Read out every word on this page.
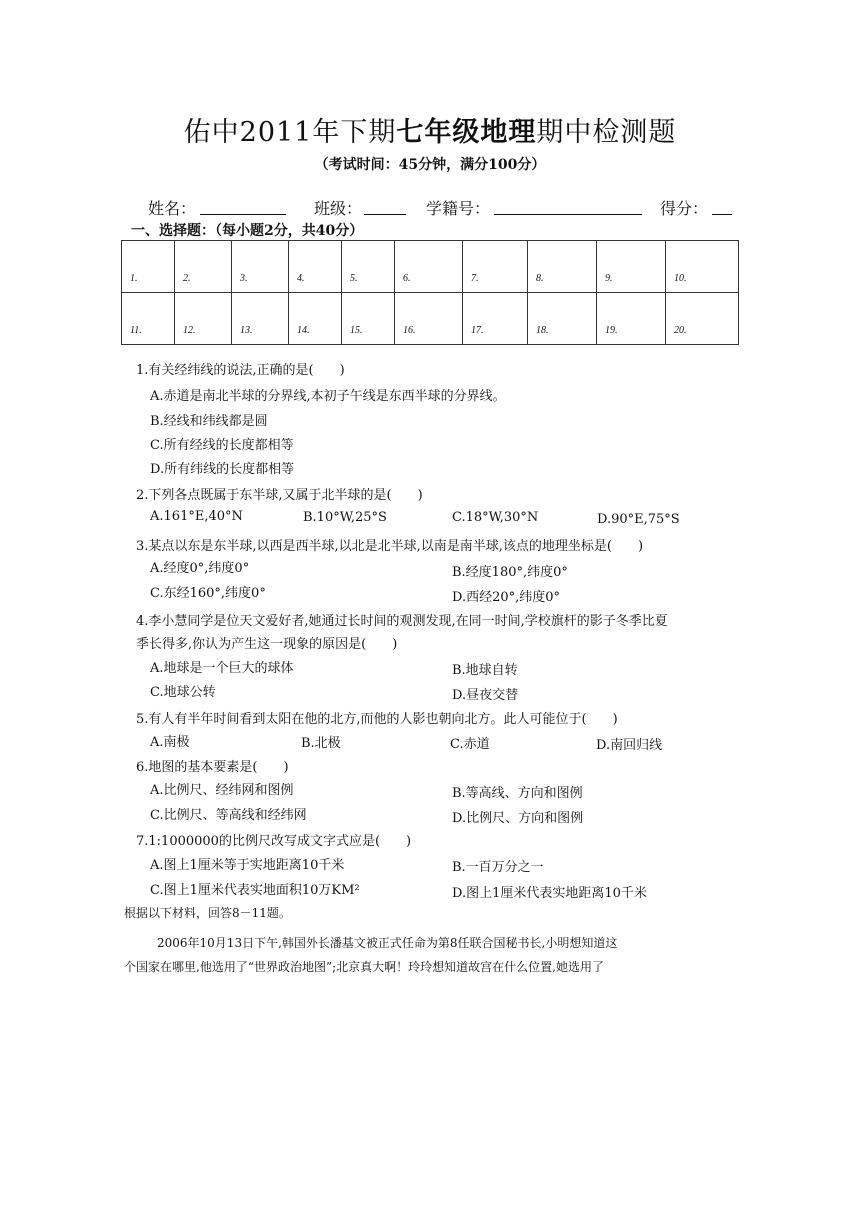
佑中2011年下期七年级地理期中检测题
（考试时间：45分钟，满分100分）
姓名：	班级：	学籍号：	得分：
一、选择题：（每小题2分，共40分）
1.	2.	3.	4.	5.	6.	7.	8.	9.	10.
11.	12.	13.	14.	15.	16.	17.	18.	19.	20.
1.有关经纬线的说法,正确的是(　　)
A.赤道是南北半球的分界线,本初子午线是东西半球的分界线。
B.经线和纬线都是圆
C.所有经线的长度都相等
D.所有纬线的长度都相等
2.下列各点既属于东半球,又属于北半球的是(　　)
A.161°E,40°N	B.10°W,25°S	C.18°W,30°N	D.90°E,75°S
3.某点以东是东半球,以西是西半球,以北是北半球,以南是南半球,该点的地理坐标是(　　)
A.经度0°,纬度0°	B.经度180°,纬度0°
C.东经160°,纬度0°	D.西经20°,纬度0°
4.李小慧同学是位天文爱好者,她通过长时间的观测发现,在同一时间,学校旗杆的影子冬季比夏
季长得多,你认为产生这一现象的原因是(　　)
A.地球是一个巨大的球体	B.地球自转
C.地球公转	D.昼夜交替
5.有人有半年时间看到太阳在他的北方,而他的人影也朝向北方。此人可能位于(　　)
A.南极	B.北极	C.赤道	D.南回归线
6.地图的基本要素是(　　)
A.比例尺、经纬网和图例	B.等高线、方向和图例
C.比例尺、等高线和经纬网	D.比例尺、方向和图例
7.1:1000000的比例尺改写成文字式应是(　　)
A.图上1厘米等于实地距离10千米	B.一百万分之一
C.图上1厘米代表实地面积10万KM²	D.图上1厘米代表实地距离10千米
根据以下材料，回答8－11题。
2006年10月13日下午,韩国外长潘基文被正式任命为第8任联合国秘书长,小明想知道这
个国家在哪里,他选用了“世界政治地图”;北京真大啊！玲玲想知道故宫在什么位置,她选用了
